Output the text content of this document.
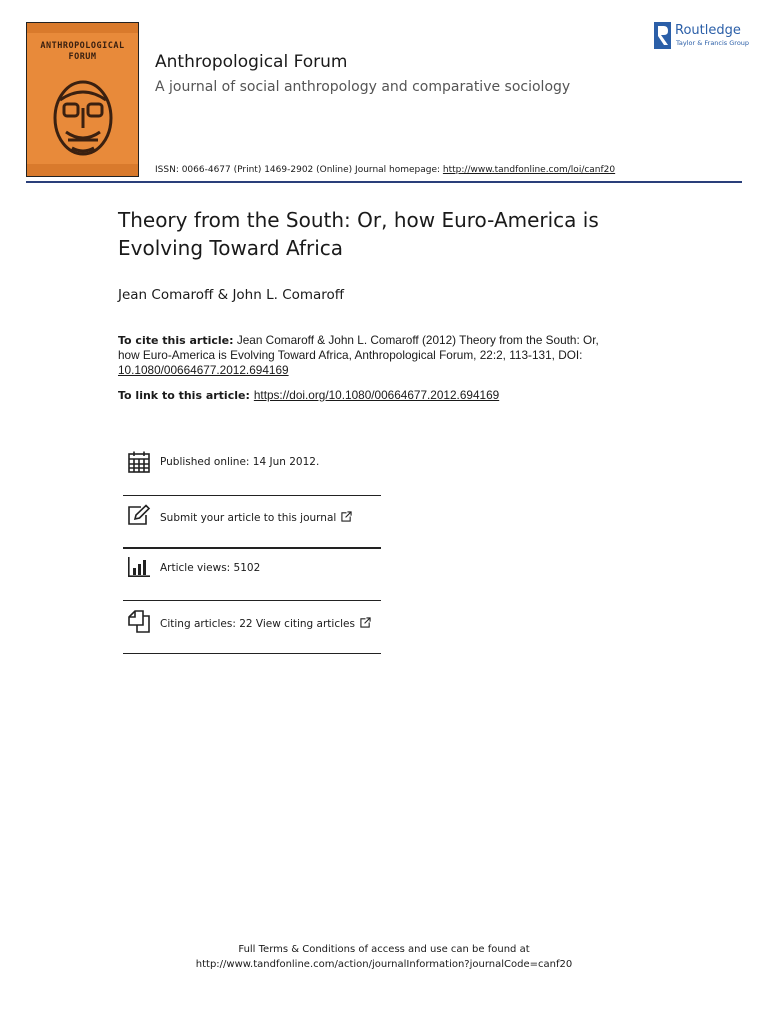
ANTHROPOLOGICAL FORUM	Anthropological Forum
A journal of social anthropology and comparative sociology
ISSN: 0066-4677 (Print) 1469-2902 (Online) Journal homepage: http://www.tandfonline.com/loi/canf20
Routledge
Taylor & Francis Group
Theory from the South: Or, how Euro-America is Evolving Toward Africa
Jean Comaroff & John L. Comaroff
To cite this article: Jean Comaroff & John L. Comaroff (2012) Theory from the South: Or, how Euro-America is Evolving Toward Africa, Anthropological Forum, 22:2, 113-131, DOI: 10.1080/00664677.2012.694169
To link to this article: https://doi.org/10.1080/00664677.2012.694169
Published online: 14 Jun 2012.
Submit your article to this journal
Article views: 5102
Citing articles: 22 View citing articles
Full Terms & Conditions of access and use can be found at
http://www.tandfonline.com/action/journalInformation?journalCode=canf20
